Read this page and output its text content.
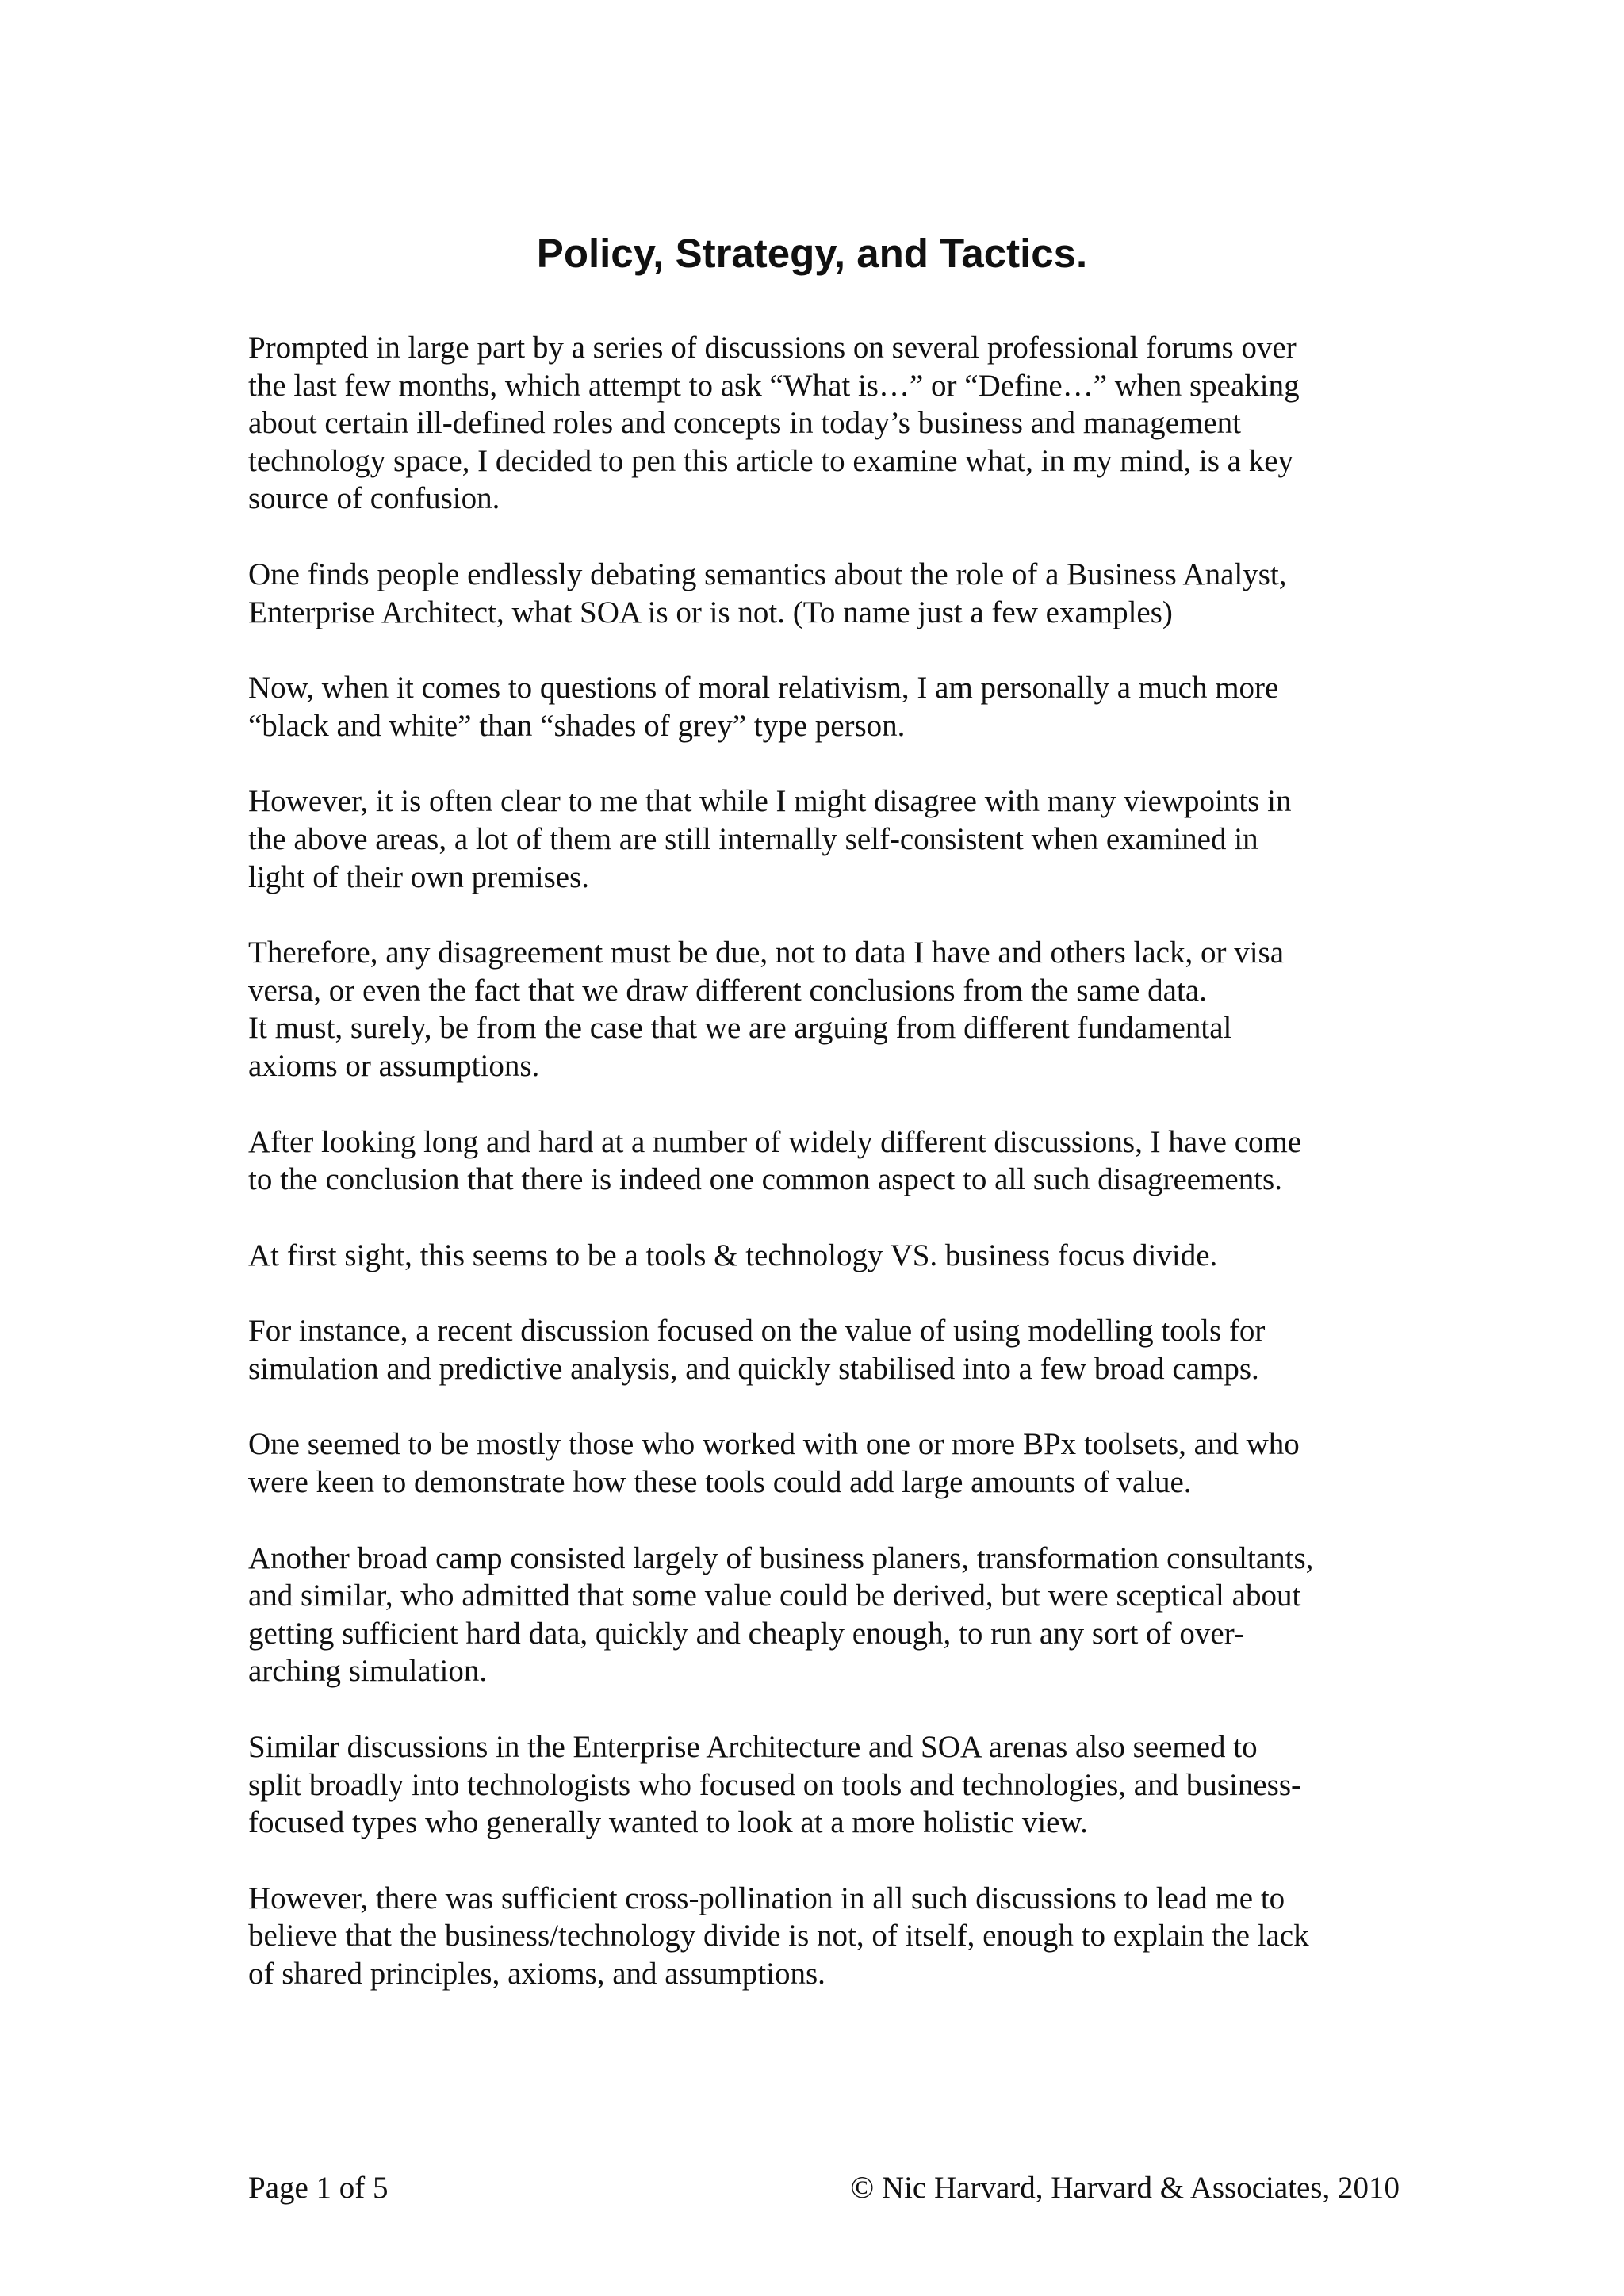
Policy, Strategy, and Tactics.

Prompted in large part by a series of discussions on several professional forums over
the last few months, which attempt to ask “What is…” or “Define…” when speaking
about certain ill-defined roles and concepts in today’s business and management
technology space, I decided to pen this article to examine what, in my mind, is a key
source of confusion.

One finds people endlessly debating semantics about the role of a Business Analyst,
Enterprise Architect, what SOA is or is not. (To name just a few examples)

Now, when it comes to questions of moral relativism, I am personally a much more
“black and white” than “shades of grey” type person.

However, it is often clear to me that while I might disagree with many viewpoints in
the above areas, a lot of them are still internally self-consistent when examined in
light of their own premises.

Therefore, any disagreement must be due, not to data I have and others lack, or visa
versa, or even the fact that we draw different conclusions from the same data.
It must, surely, be from the case that we are arguing from different fundamental
axioms or assumptions.

After looking long and hard at a number of widely different discussions, I have come
to the conclusion that there is indeed one common aspect to all such disagreements.

At first sight, this seems to be a tools & technology VS. business focus divide.

For instance, a recent discussion focused on the value of using modelling tools for
simulation and predictive analysis, and quickly stabilised into a few broad camps.

One seemed to be mostly those who worked with one or more BPx toolsets, and who
were keen to demonstrate how these tools could add large amounts of value.

Another broad camp consisted largely of business planers, transformation consultants,
and similar, who admitted that some value could be derived, but were sceptical about
getting sufficient hard data, quickly and cheaply enough, to run any sort of over-
arching simulation.

Similar discussions in the Enterprise Architecture and SOA arenas also seemed to
split broadly into technologists who focused on tools and technologies, and business-
focused types who generally wanted to look at a more holistic view.

However, there was sufficient cross-pollination in all such discussions to lead me to
believe that the business/technology divide is not, of itself, enough to explain the lack
of shared principles, axioms, and assumptions.

Page 1 of 5	© Nic Harvard, Harvard & Associates, 2010
